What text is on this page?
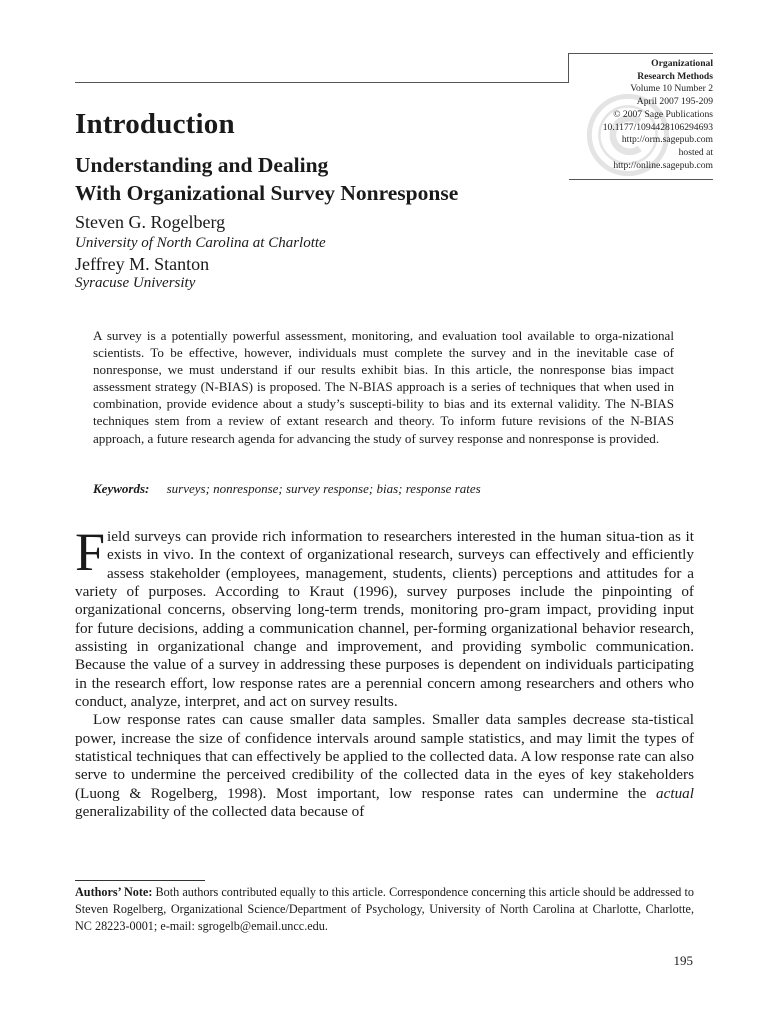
Organizational
Research Methods
Volume 10 Number 2
April 2007 195-209
© 2007 Sage Publications
10.1177/1094428106294693
http://orm.sagepub.com
hosted at
http://online.sagepub.com
Introduction
Understanding and Dealing
With Organizational Survey Nonresponse
Steven G. Rogelberg
University of North Carolina at Charlotte
Jeffrey M. Stanton
Syracuse University

A survey is a potentially powerful assessment, monitoring, and evaluation tool available to orga-nizational scientists. To be effective, however, individuals must complete the survey and in the inevitable case of nonresponse, we must understand if our results exhibit bias. In this article, the nonresponse bias impact assessment strategy (N-BIAS) is proposed. The N-BIAS approach is a series of techniques that when used in combination, provide evidence about a study’s suscepti-bility to bias and its external validity. The N-BIAS techniques stem from a review of extant research and theory. To inform future revisions of the N-BIAS approach, a future research agenda for advancing the study of survey response and nonresponse is provided.

Keywords: surveys; nonresponse; survey response; bias; response rates

Field surveys can provide rich information to researchers interested in the human situa-tion as it exists in vivo. In the context of organizational research, surveys can effectively and efficiently assess stakeholder (employees, management, students, clients) perceptions and attitudes for a variety of purposes. According to Kraut (1996), survey purposes include the pinpointing of organizational concerns, observing long-term trends, monitoring pro-gram impact, providing input for future decisions, adding a communication channel, per-forming organizational behavior research, assisting in organizational change and improvement, and providing symbolic communication. Because the value of a survey in addressing these purposes is dependent on individuals participating in the research effort, low response rates are a perennial concern among researchers and others who conduct, analyze, interpret, and act on survey results.

Low response rates can cause smaller data samples. Smaller data samples decrease sta-tistical power, increase the size of confidence intervals around sample statistics, and may limit the types of statistical techniques that can effectively be applied to the collected data. A low response rate can also serve to undermine the perceived credibility of the collected data in the eyes of key stakeholders (Luong & Rogelberg, 1998). Most important, low response rates can undermine the actual generalizability of the collected data because of

Authors’ Note: Both authors contributed equally to this article. Correspondence concerning this article should be addressed to Steven Rogelberg, Organizational Science/Department of Psychology, University of North Carolina at Charlotte, Charlotte, NC 28223-0001; e-mail: sgrogelb@email.uncc.edu.

195
